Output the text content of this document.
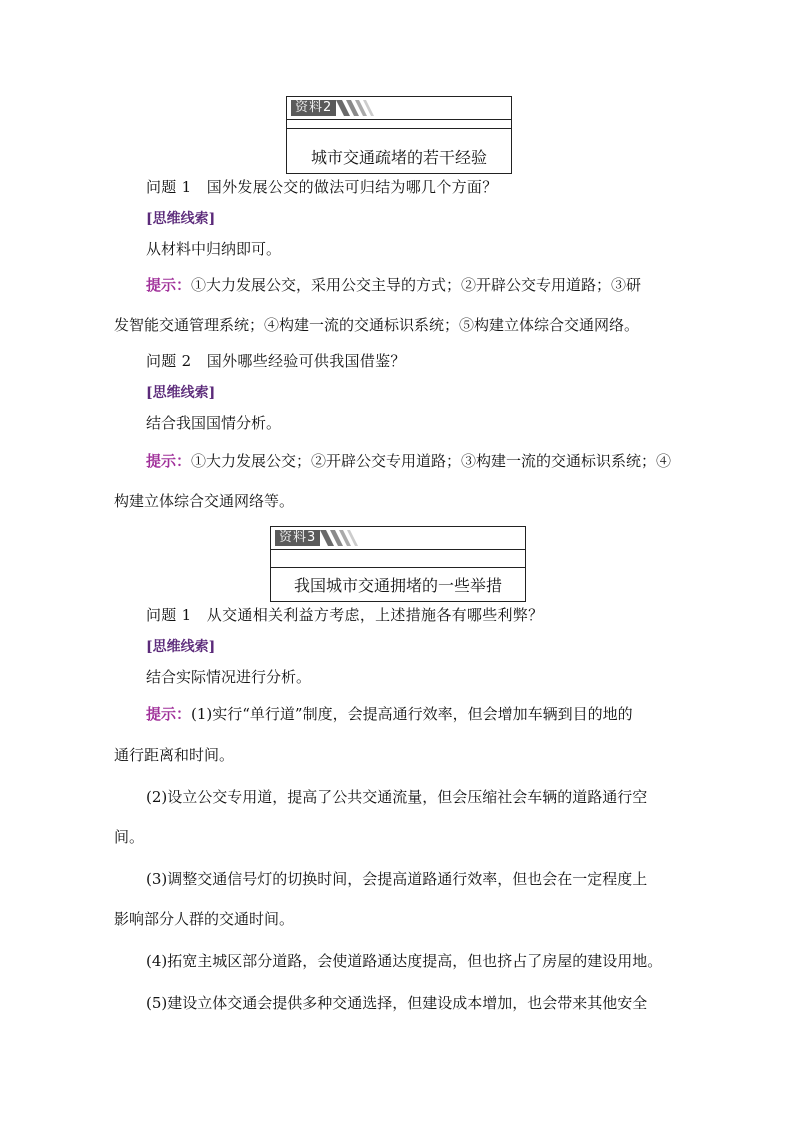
资料2
城市交通疏堵的若干经验
问题 1　国外发展公交的做法可归结为哪几个方面？
[思维线索]
从材料中归纳即可。
提示：①大力发展公交，采用公交主导的方式；②开辟公交专用道路；③研
发智能交通管理系统；④构建一流的交通标识系统；⑤构建立体综合交通网络。
问题 2　国外哪些经验可供我国借鉴？
[思维线索]
结合我国国情分析。
提示：①大力发展公交；②开辟公交专用道路；③构建一流的交通标识系统；④
构建立体综合交通网络等。
资料3
我国城市交通拥堵的一些举措
问题 1　从交通相关利益方考虑，上述措施各有哪些利弊？
[思维线索]
结合实际情况进行分析。
提示：(1)实行“单行道”制度，会提高通行效率，但会增加车辆到目的地的
通行距离和时间。
(2)设立公交专用道，提高了公共交通流量，但会压缩社会车辆的道路通行空
间。
(3)调整交通信号灯的切换时间，会提高道路通行效率，但也会在一定程度上
影响部分人群的交通时间。
(4)拓宽主城区部分道路，会使道路通达度提高，但也挤占了房屋的建设用地。
(5)建设立体交通会提供多种交通选择，但建设成本增加，也会带来其他安全
